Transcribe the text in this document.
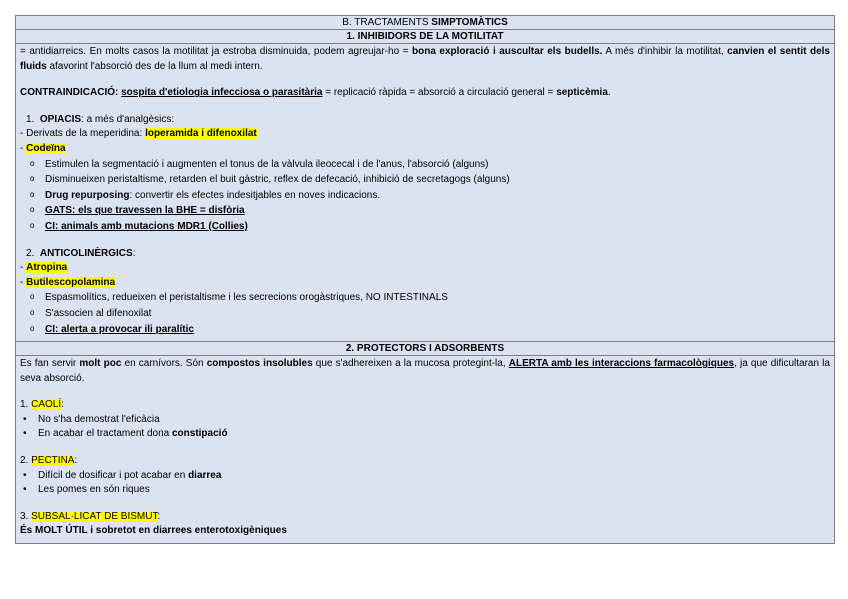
B. TRACTAMENTS SIMPTOMÀTICS
1. INHIBIDORS DE LA MOTILITAT
= antidiarreics. En molts casos la motilitat ja estroba disminuida, podem agreujar-ho = bona exploració i auscultar els budells. A més d'inhibir la motilitat, canvien el sentit dels fluids afavorint l'absorció des de la llum al medi intern.
CONTRAINDICACIÓ: sospita d'etiologia infecciosa o parasitària = replicació ràpida = absorció a circulació general = septicèmia.
1. OPIACIS: a més d'analgèsics:
- Derivats de la meperidina: loperamida i difenoxilat
- Codeïna
o Estimulen la segmentació i augmenten el tonus de la vàlvula ileocecal i de l'anus, l'absorció (alguns)
o Disminueixen peristaltisme, retarden el buit gàstric, reflex de defecació, inhibició de secretagogs (alguns)
o Drug repurposing: convertir els efectes indesitjables en noves indicacions.
o GATS: els que travessen la BHE = disfòria
o CI: animals amb mutacions MDR1 (Collies)
2. ANTICOLINÈRGICS:
- Atropina
- Butilescopolamina
o Espasmolítics, redueixen el peristaltisme i les secrecions orogàstriques, NO INTESTINALS
o S'associen al difenoxilat
o CI: alerta a provocar ili paralític
2. PROTECTORS I ADSORBENTS
Es fan servir molt poc en carnívors. Són compostos insolubles que s'adhereixen a la mucosa protegint-la, ALERTA amb les interaccions farmacològiques, ja que dificultaran la seva absorció.
1. CAOLÍ:
• No s'ha demostrat l'eficàcia
• En acabar el tractament dona constipació
2. PECTINA:
• Difícil de dosificar i pot acabar en diarrea
• Les pomes en són riques
3. SUBSAL·LICAT DE BISMUT:
És MOLT ÚTIL i sobretot en diarrees enterotoxigèniques
